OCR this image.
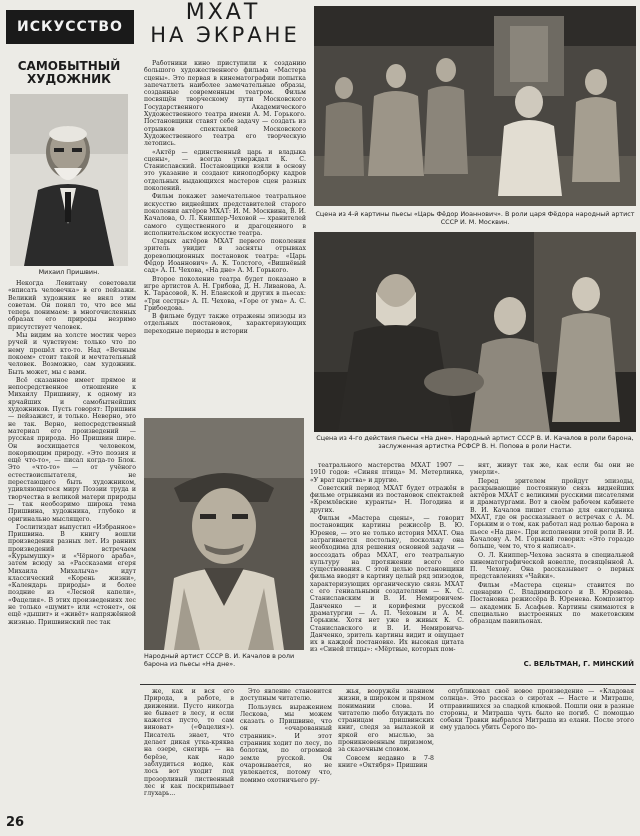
ИСКУССТВО
МХАТ
НА ЭКРАНЕ
САМОБЫТНЫЙ ХУДОЖНИК
Михаил Пришвин.

Работники кино приступили к созданию большого художественного фильма «Мастера сцены». Это первая в кинематографии попытка запечатлеть наиболее замечательные образы, созданные современным театром. Фильм посвящён творческому пути Московского Государственного Академического Художественного театра имени А. М. Горького. Постановщики ставят себе задачу — создать из отрывков спектаклей Московского Художественного театра его творческую летопись.

«Актёр — единственный царь и владыка сцены», — всегда утверждал К. С. Станиславский. Постановщики взяли в основу это указание и создают киноподборку кадров отдельных выдающихся мастеров сцен разных поколений.

Фильм покажет замечательное театральное искусство виднейших представителей старого поколения актёров МХАТ: И. М. Москвина, В. И. Качалова, О. Л. Книппер-Чеховой — хранителей самого существенного и драгоценного в исполнительском искусстве театра.

Старых актёров МХАТ первого поколения зритель увидит в засняты отрывках дореволюционных постановок театра: «Царь Фёдор Иоаннович» А. К. Толстого, «Вишнёвый сад» А. П. Чехова, «На дне» А. М. Горького.

Второе поколение театра будет показано в игре артистов А. Н. Грибова, Д. Н. Ливанова, А. К. Тарасовой, К. Н. Еланской и других в пьесах: «Три сестры» А. П. Чехова, «Горе от ума» А. С. Грибоедова.

В фильме будут также отражены эпизоды из отдельных постановок, характеризующих переходные периоды в истории

Сцена из 4-й картины пьесы «Царь Фёдор Иоаннович». В роли царя Фёдора народный артист СССР И. М. Москвин.
Сцена из 4-го действия пьесы «На дне». Народный артист СССР В. И. Качалов в роли барона, заслуженная артистка РСФСР В. Н. Попова в роли Насти.
Народный артист СССР В. И. Качалов в роли барона из пьесы «На дне».

театрального мастерства МХАТ 1907 — 1910 годов: «Синяя птица» М. Метерлинка, «У врат царства» и другие.

Советский период МХАТ будет отражён в фильме отрывками из постановок спектаклей «Кремлёвские куранты» Н. Погодина и других.

Фильм «Мастера сцены», — говорит постановщик картины режиссёр В. Ю. Юренев, — это не только история МХАТ. Она затрагивается постольку, поскольку она необходима для решения основной задачи — воссоздать образ МХАТ, его театральную культуру на протяжении всего его существования. С этой целью постановщики фильма вводят в картину целый ряд эпизодов, характеризующих органическую связь МХАТ с его гениальными создателями — К. С. Станиславским и В. И. Немировичем-Данченко — и корифеями русской драматургии — А. П. Чеховым и А. М. Горьким. Хотя нет уже в живых К. С. Станиславского и В. И. Немировича-Данченко, зритель картины видит и ощущает их в каждой постановке. Их высокая цитата из «Синей птицы»: «Мёртвые, которых пом-

нят, живут так же, как если бы они не умерли».

Перед зрителем пройдут эпизоды, раскрывающие постоянную связь виднейших актёров МХАТ с великими русскими писателями и драматургами. Вот в своём рабочем кабинете В. И. Качалов пишет статью для ежегодника МХАТ, где он рассказывает о встречах с А. М. Горьким и о том, как работал над ролью барона в пьесе «На дне». При исполнении этой роли В. И. Качалову А. М. Горький говорил: «Это гораздо больше, чем то, что я написал».

О. Л. Книппер-Чехова заснята в специальной кинематографической новелле, посвящённой А. П. Чехову. Она рассказывает о первых представлениях «Чайки».

Фильм «Мастера сцены» ставится по сценарию С. Владимирского и В. Юренева. Постановка режиссёра В. Юренева. Композитор — академик Б. Асафьев. Картины снимаются в специально выстроенных по макетовским образцам павильонах.

С. ВЕЛЬТМАН, Г. МИНСКИЙ

Некогда Левитану советовали «вписать человечка» в его пейзажи. Великий художник не внял этим советам. Он понял то, что все мы теперь понимаем: в многочисленных образах его природы незримо присутствует человек.

Мы видим на холсте мостик через ручей и чувствуем: только что по нему прошёл кто-то. Над «Вечным покоем» стоит такой и мечтательный человек. Возможно, сам художник. Быть может, мы с вами.

Всё сказанное имеет прямое и непосредственное отношение к Михаилу Пришвину, к одному из ярчайших и самобытнейших художников. Пусть говорят: Пришвин — пейзажист, и только. Неверно, это не так. Верно, непосредственный материал его произведений — русская природа. Но Пришвин шире. Он восхищается человеком, покоряющим природу. «Это поэзия и ещё что-то», — писал когда-то Блок. Это «что-то» — от учёного естествоиспытателя, не перестающего быть художником, удивляющегося миру Поэзии труда и творчества в великой матери природы — так необозримо широка тема Пришвина, художника, глубоко и оригинально мыслящего.

Гослитиздат выпустил «Избранное» Пришвина. В книгу вошли произведения разных лет. Из ранних произведений встречаем «Курымушку» и «Чёрного араба», затем всюду за «Рассказами егеря Михаила Михалыча» идут классический «Корень жизни», «Календарь природы» и более поздние из «Лесной капели», «Фацелия». В этих произведениях лес не только «шумит» или «стонет», он ещё «дышит» и «живёт» напряжённой жизнью. Пришвинский лес так

же, как и вся его Природа, в работе, в движении. Пусто никогда не бывает в лесу, и если кажется пусто, то сам виноват» («Фацелия»). Писатель знает, что делает дикая утка-кряква на озере, снегирь — на берёзе, как надо заблудиться водке, как лось вот уходит под прозорливый лиственный лес и как поскрипывает глухарь...

Это явление становится доступным читателю.

Пользуясь выражением Лескова, мы можем сказать о Пришвине, что он «очарованный странник». И этот странник ходит по лесу, по болотам, по огромной земле русской. Он очаровывается, но не увлекается, потому что, помимо охотничьего ру-

жья, вооружён знанием жизни, в широком и прямом понимании слова. И читателю любо блуждать по страницам пришвинских книг, следя за вылазкой и яркой его мыслью, за проникновенным лиризмом, за сказочным словом.

Совсем недавно в 7-8 книге «Октября» Пришвин

опубликовал своё новое произведение — «Кладовая солнца». Это рассказ о сиротах — Насте и Митраше, отправившихся за сладкой клюквой. Пошли они в разные стороны, и Митраша чуть было не погиб. С помощью собаки Травки выбрался Митраша из елани. После этого ему удалось убить Серого по-

26
